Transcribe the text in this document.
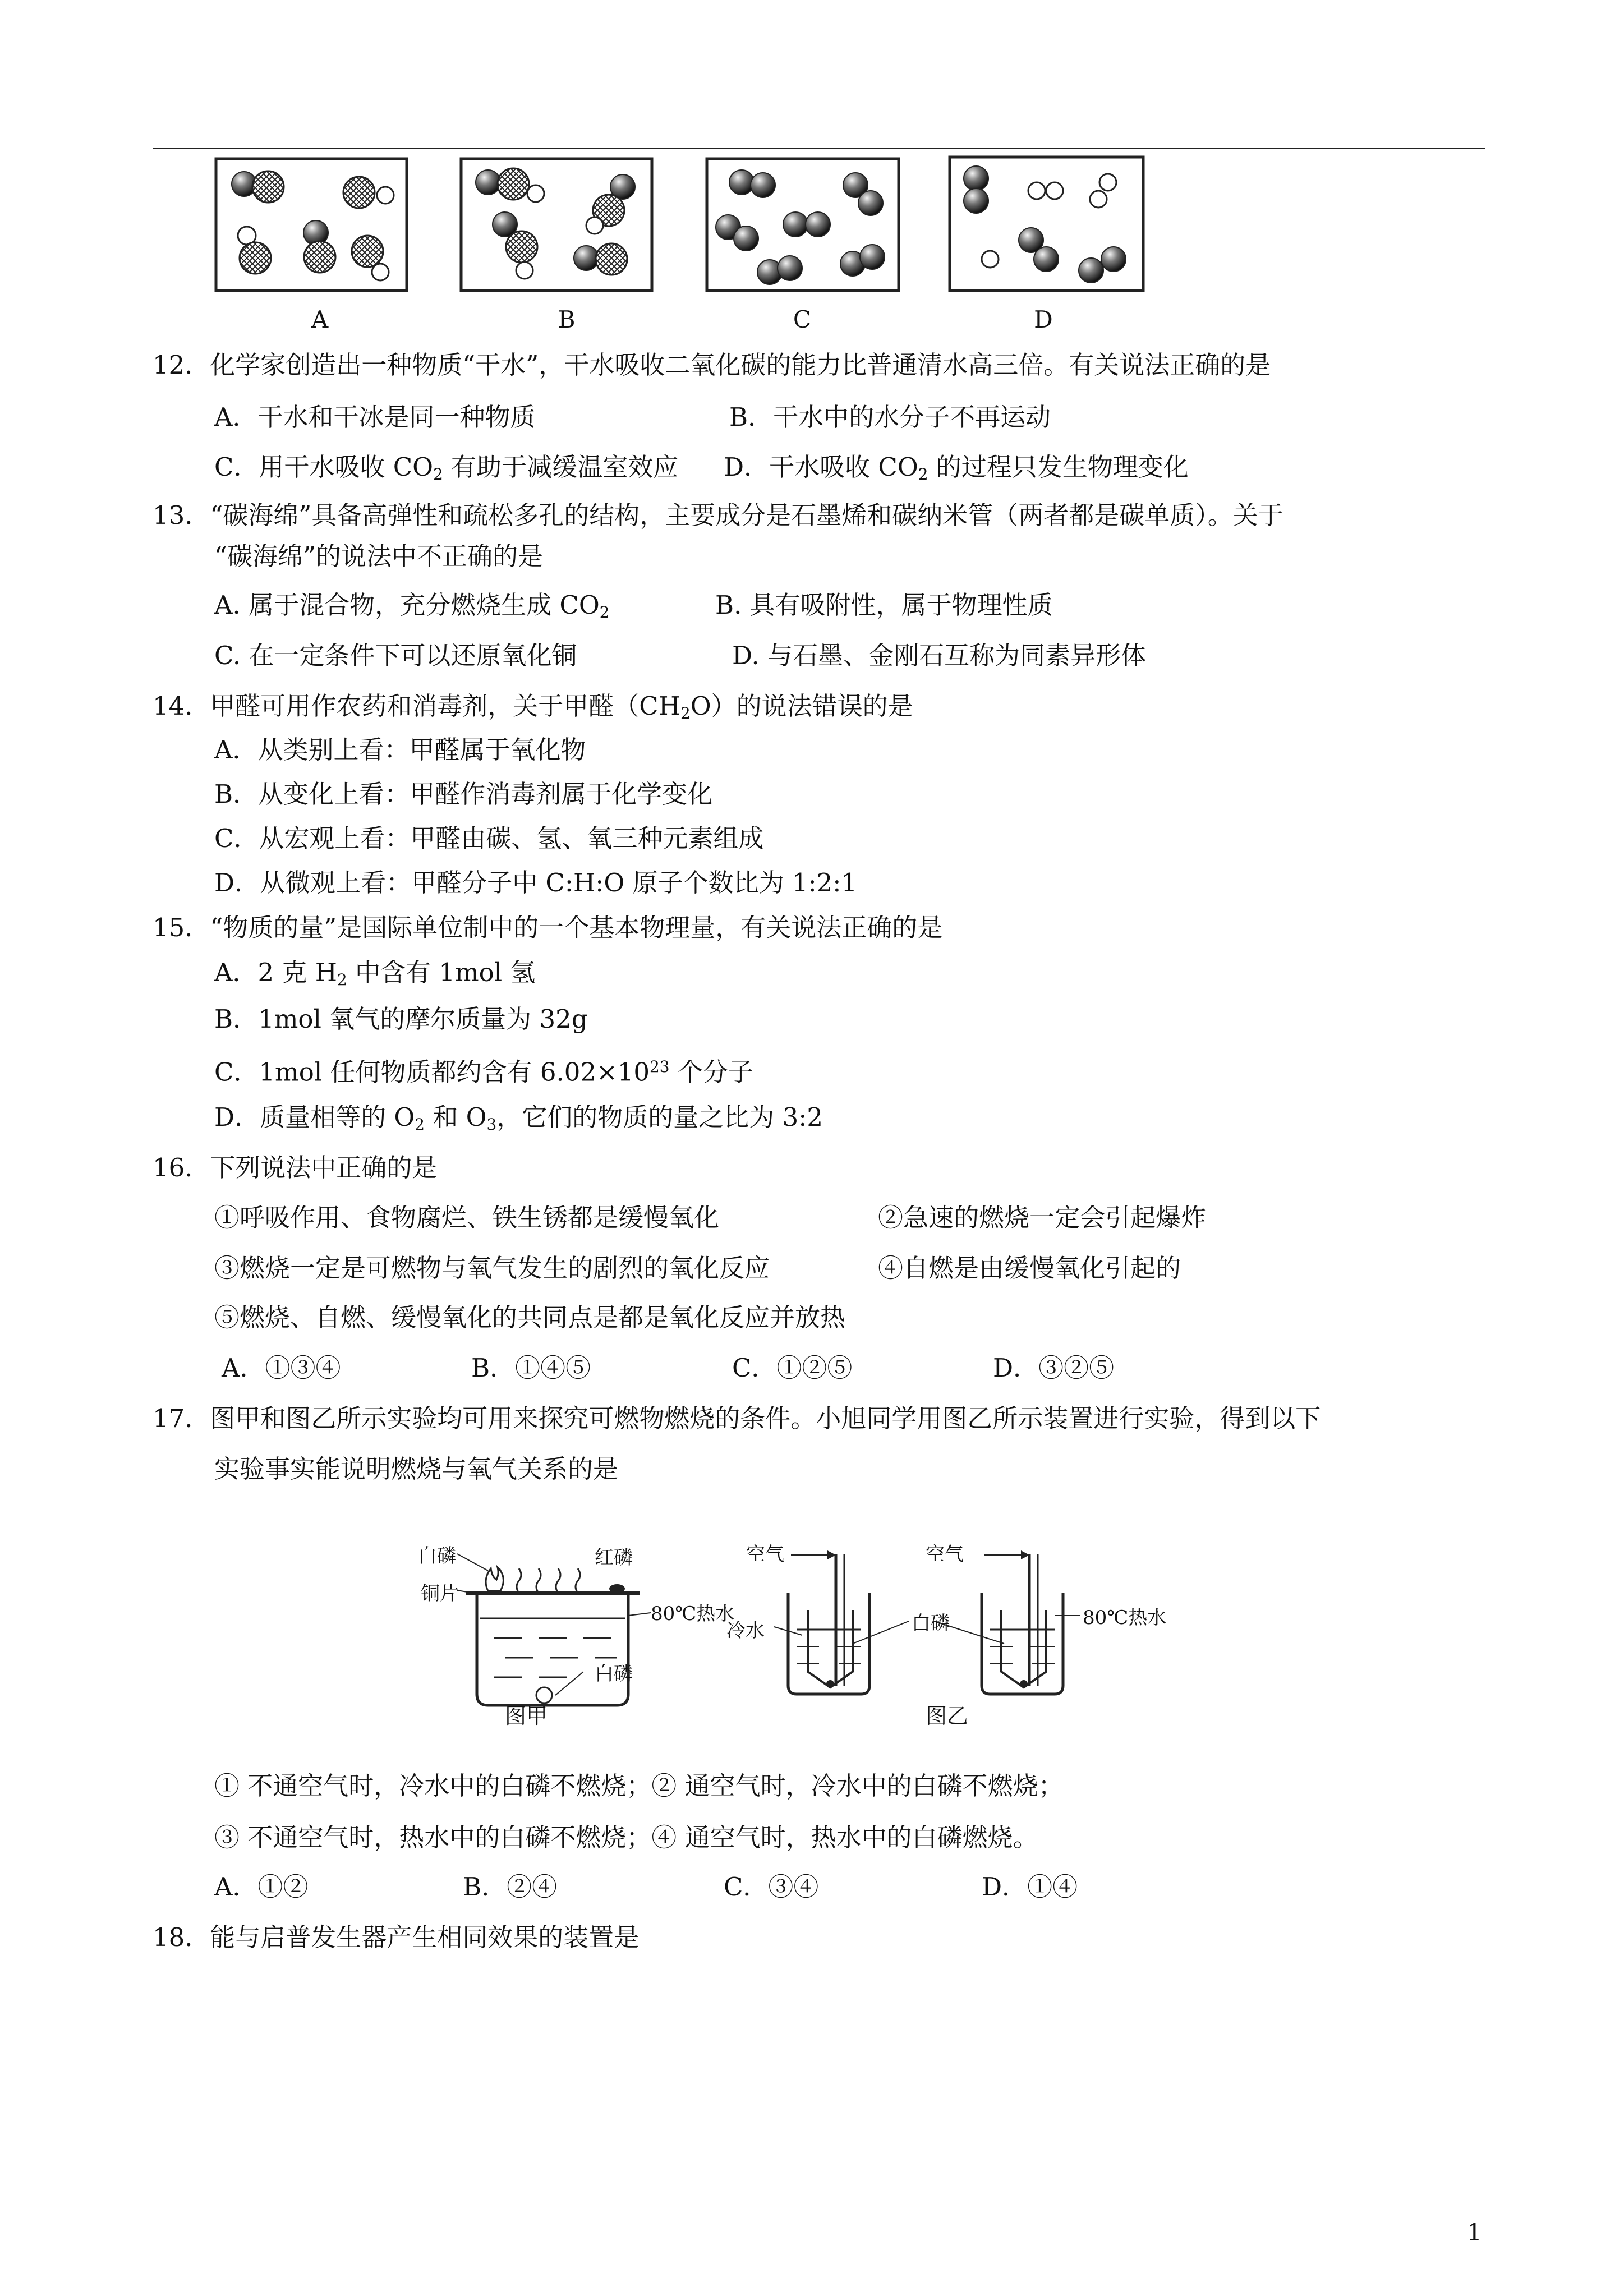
A	B	C	D
12．化学家创造出一种物质“干水”，干水吸收二氧化碳的能力比普通清水高三倍。有关说法正确的是
A．干水和干冰是同一种物质	B．干水中的水分子不再运动
C．用干水吸收 $CO_2$ 有助于减缓温室效应 D．干水吸收 $CO_2$ 的过程只发生物理变化
13．“碳海绵”具备高弹性和疏松多孔的结构，主要成分是石墨烯和碳纳米管（两者都是碳单质）。关于
“碳海绵”的说法中不正确的是
A. 属于混合物，充分燃烧生成 $CO_2$	B. 具有吸附性，属于物理性质
C. 在一定条件下可以还原氧化铜	D. 与石墨、金刚石互称为同素异形体
14．甲醛可用作农药和消毒剂，关于甲醛$(CH_2O)$的说法错误的是
A．从类别上看：甲醛属于氧化物
B．从变化上看：甲醛作消毒剂属于化学变化
C．从宏观上看：甲醛由碳、氢、氧三种元素组成
D．从微观上看：甲醛分子中 C:H:O 原子个数比为 1:2:1
15．“物质的量”是国际单位制中的一个基本物理量，有关说法正确的是
A．2 克 $H_2$ 中含有 1mol 氢
B．1mol 氧气的摩尔质量为 32g
C．1mol 任何物质都约含有 $6.02\times 10^{23}$ 个分子
D．质量相等的 $O_2$ 和 $O_3$，它们的物质的量之比为 3:2
16．下列说法中正确的是
①呼吸作用、食物腐烂、铁生锈都是缓慢氧化	②急速的燃烧一定会引起爆炸
③燃烧一定是可燃物与氧气发生的剧烈的氧化反应	④自燃是由缓慢氧化引起的
⑤燃烧、自燃、缓慢氧化的共同点是都是氧化反应并放热
A．①③④	B．①④⑤	C．①②⑤	D．③②⑤
17．图甲和图乙所示实验均可用来探究可燃物燃烧的条件。小旭同学用图乙所示装置进行实验，得到以下
实验事实能说明燃烧与氧气关系的是
白磷	红磷
铜片
80℃热水
白磷
图甲
空气	空气
冷水	白磷	80℃热水
图乙
① 不通空气时，冷水中的白磷不燃烧；② 通空气时，冷水中的白磷不燃烧；
③ 不通空气时，热水中的白磷不燃烧；④ 通空气时，热水中的白磷燃烧。
A．①②	B．②④	C．③④	D．①④
18．能与启普发生器产生相同效果的装置是
1
